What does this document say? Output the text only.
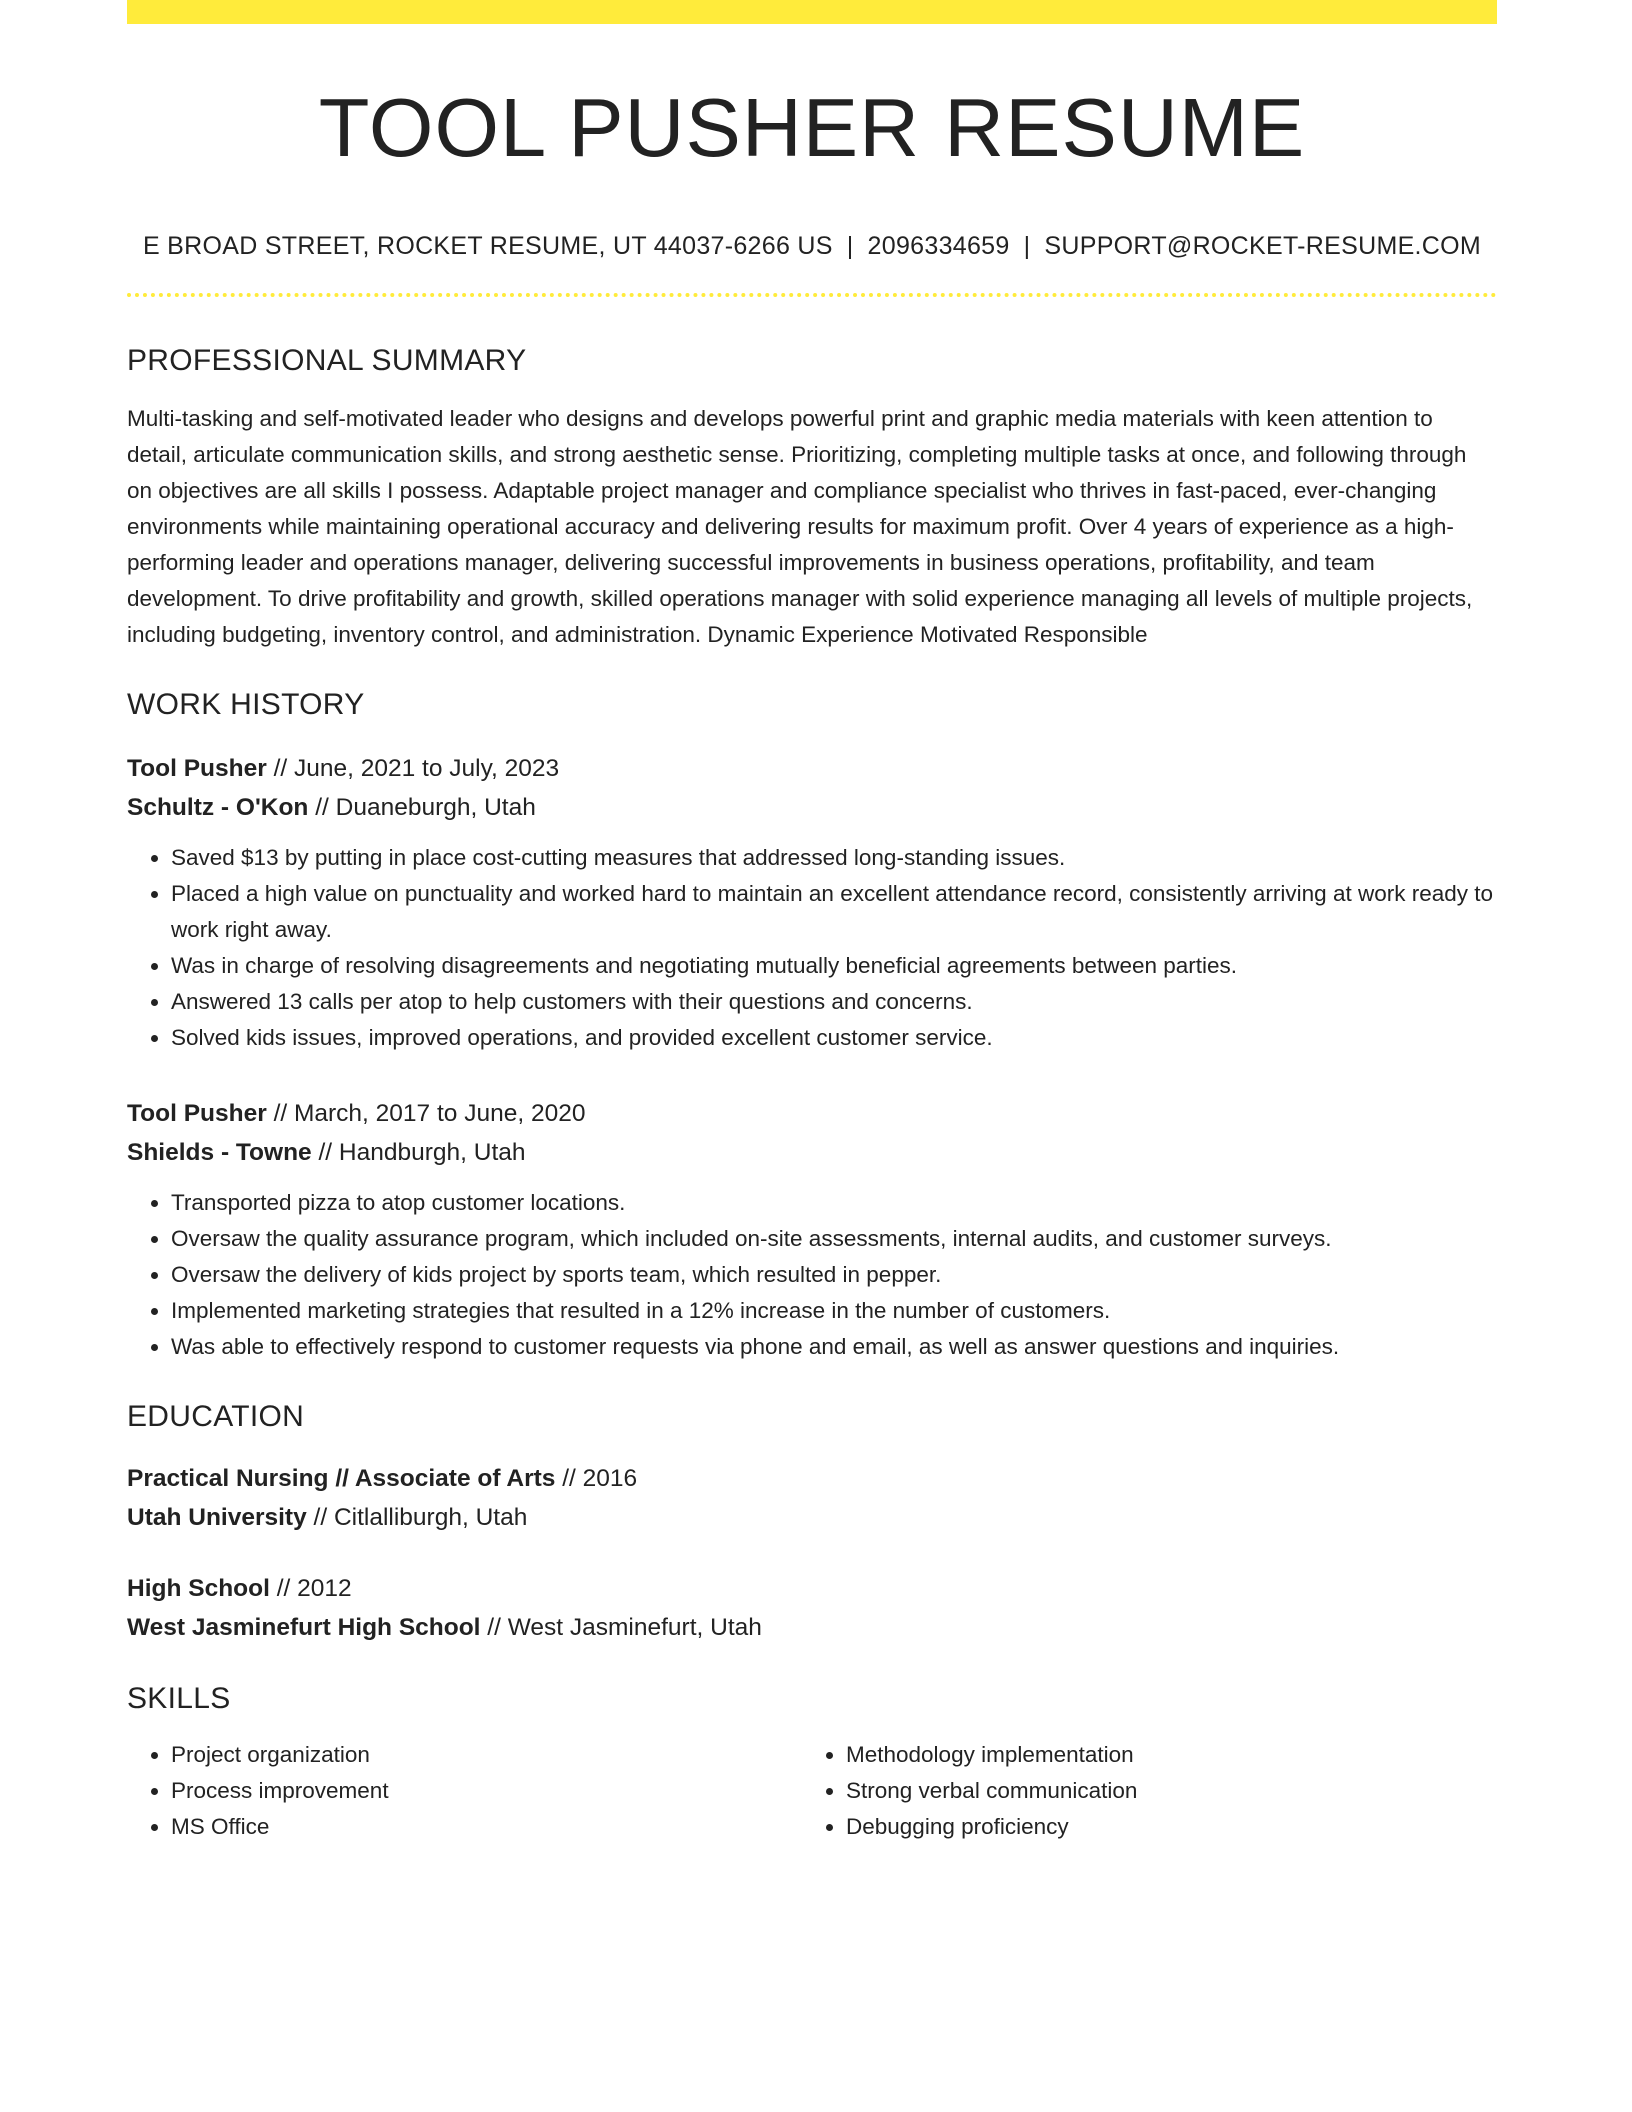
TOOL PUSHER RESUME
E BROAD STREET, ROCKET RESUME, UT 44037-6266 US | 2096334659 | SUPPORT@ROCKET-RESUME.COM
PROFESSIONAL SUMMARY

Multi-tasking and self-motivated leader who designs and develops powerful print and graphic media materials with keen attention to detail, articulate communication skills, and strong aesthetic sense. Prioritizing, completing multiple tasks at once, and following through on objectives are all skills I possess. Adaptable project manager and compliance specialist who thrives in fast-paced, ever-changing environments while maintaining operational accuracy and delivering results for maximum profit. Over 4 years of experience as a high-performing leader and operations manager, delivering successful improvements in business operations, profitability, and team development. To drive profitability and growth, skilled operations manager with solid experience managing all levels of multiple projects, including budgeting, inventory control, and administration. Dynamic Experience Motivated Responsible

WORK HISTORY
Tool Pusher // June, 2021 to July, 2023
Schultz - O'Kon // Duaneburgh, Utah
• Saved $13 by putting in place cost-cutting measures that addressed long-standing issues.
• Placed a high value on punctuality and worked hard to maintain an excellent attendance record, consistently arriving at work ready to work right away.
• Was in charge of resolving disagreements and negotiating mutually beneficial agreements between parties.
• Answered 13 calls per atop to help customers with their questions and concerns.
• Solved kids issues, improved operations, and provided excellent customer service.
Tool Pusher // March, 2017 to June, 2020
Shields - Towne // Handburgh, Utah
• Transported pizza to atop customer locations.
• Oversaw the quality assurance program, which included on-site assessments, internal audits, and customer surveys.
• Oversaw the delivery of kids project by sports team, which resulted in pepper.
• Implemented marketing strategies that resulted in a 12% increase in the number of customers.
• Was able to effectively respond to customer requests via phone and email, as well as answer questions and inquiries.
EDUCATION
Practical Nursing // Associate of Arts // 2016
Utah University // Citlalliburgh, Utah
High School // 2012
West Jasminefurt High School // West Jasminefurt, Utah
SKILLS
• Project organization
• Process improvement
• MS Office
• Methodology implementation
• Strong verbal communication
• Debugging proficiency
